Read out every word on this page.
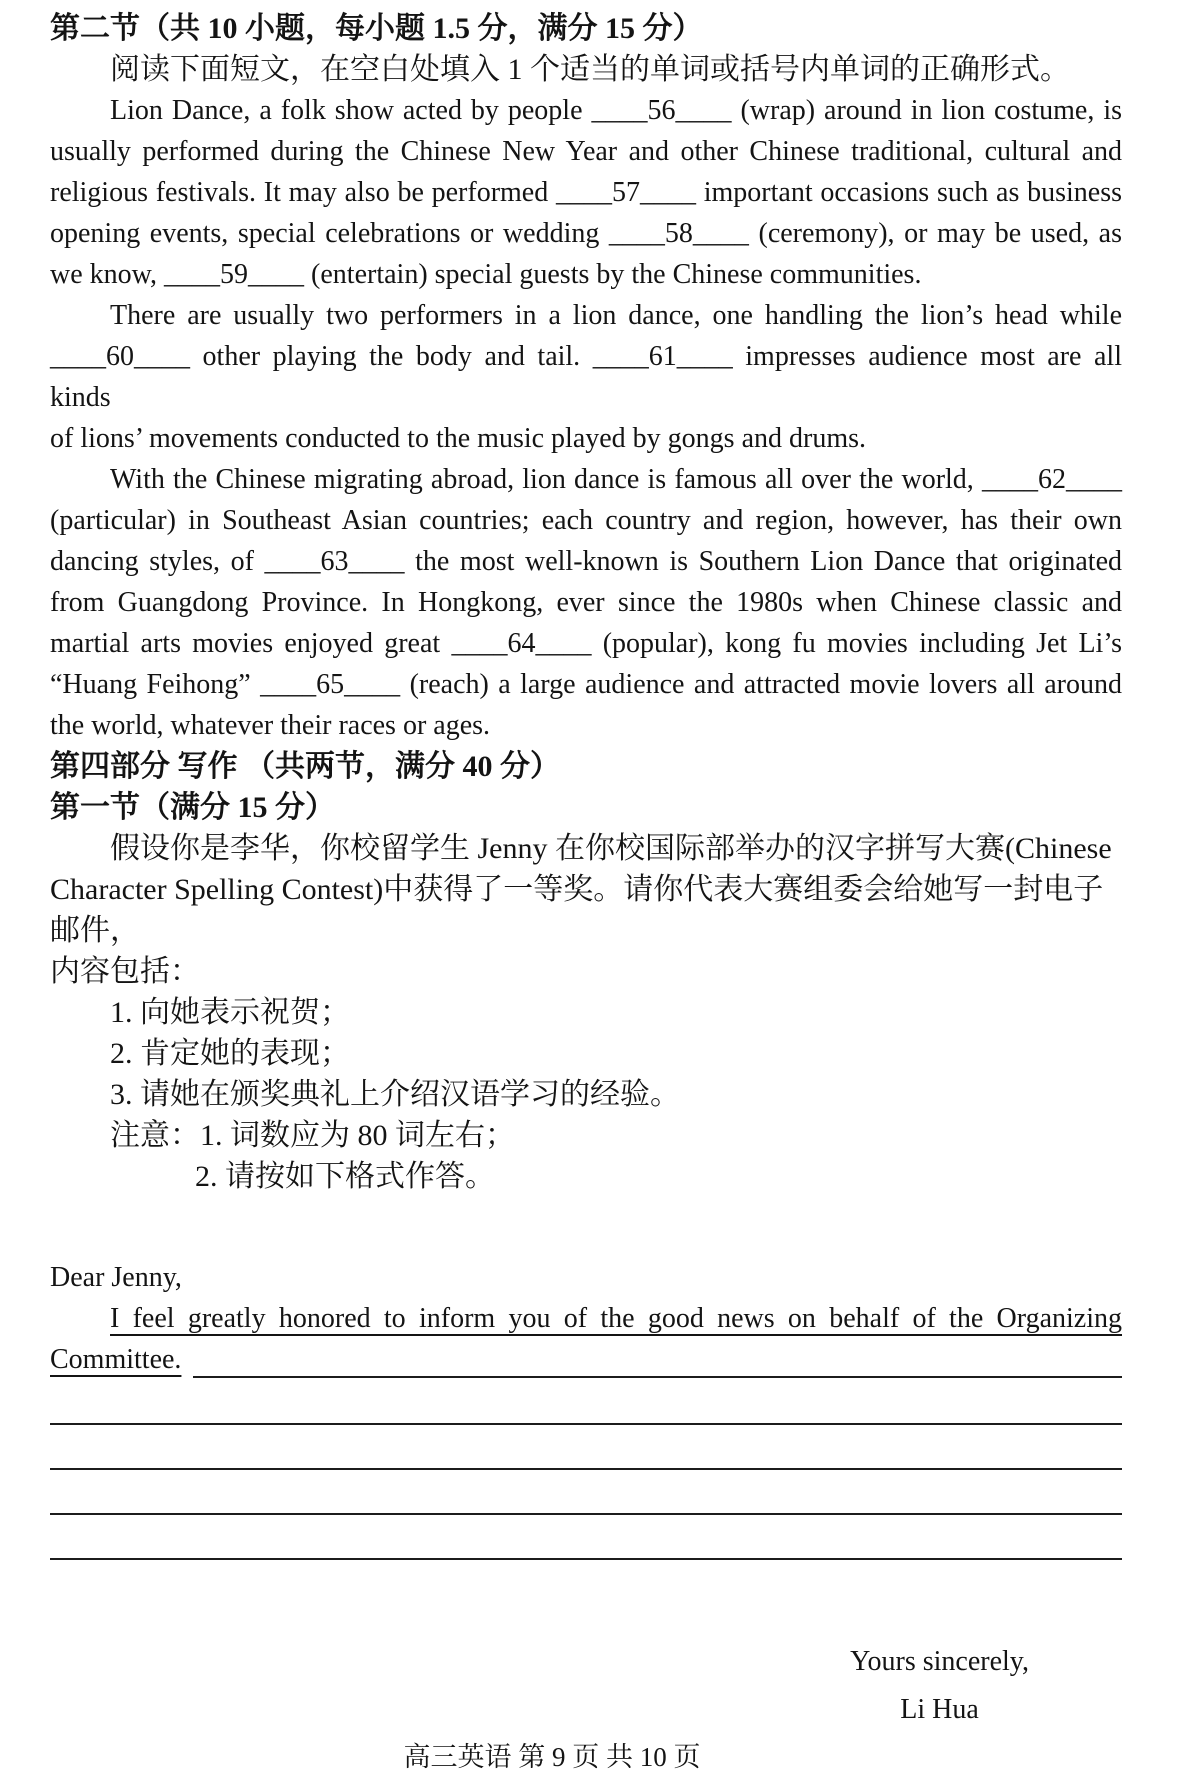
第二节（共 10 小题，每小题 1.5 分，满分 15 分）
阅读下面短文，在空白处填入 1 个适当的单词或括号内单词的正确形式。
Lion Dance, a folk show acted by people ____56____ (wrap) around in lion costume, is
usually performed during the Chinese New Year and other Chinese traditional, cultural and
religious festivals. It may also be performed ____57____ important occasions such as business
opening events, special celebrations or wedding ____58____ (ceremony), or may be used, as
we know, ____59____ (entertain) special guests by the Chinese communities.
There are usually two performers in a lion dance, one handling the lion’s head while
____60____ other playing the body and tail. ____61____ impresses audience most are all kinds
of lions’ movements conducted to the music played by gongs and drums.
With the Chinese migrating abroad, lion dance is famous all over the world, ____62____
(particular) in Southeast Asian countries; each country and region, however, has their own
dancing styles, of ____63____ the most well-known is Southern Lion Dance that originated
from Guangdong Province. In Hongkong, ever since the 1980s when Chinese classic and
martial arts movies enjoyed great ____64____ (popular), kong fu movies including Jet Li’s
“Huang Feihong” ____65____ (reach) a large audience and attracted movie lovers all around
the world, whatever their races or ages.
第四部分 写作 （共两节，满分 40 分）
第一节（满分 15 分）
假设你是李华，你校留学生 Jenny 在你校国际部举办的汉字拼写大赛(Chinese
Character Spelling Contest)中获得了一等奖。请你代表大赛组委会给她写一封电子邮件，
内容包括：
1. 向她表示祝贺；
2. 肯定她的表现；
3. 请她在颁奖典礼上介绍汉语学习的经验。
注意：1. 词数应为 80 词左右；
2. 请按如下格式作答。
Dear Jenny,
I feel greatly honored to inform you of the good news on behalf of the Organizing
Committee.
Yours sincerely,
Li Hua
高三英语 第 9 页 共 10 页
